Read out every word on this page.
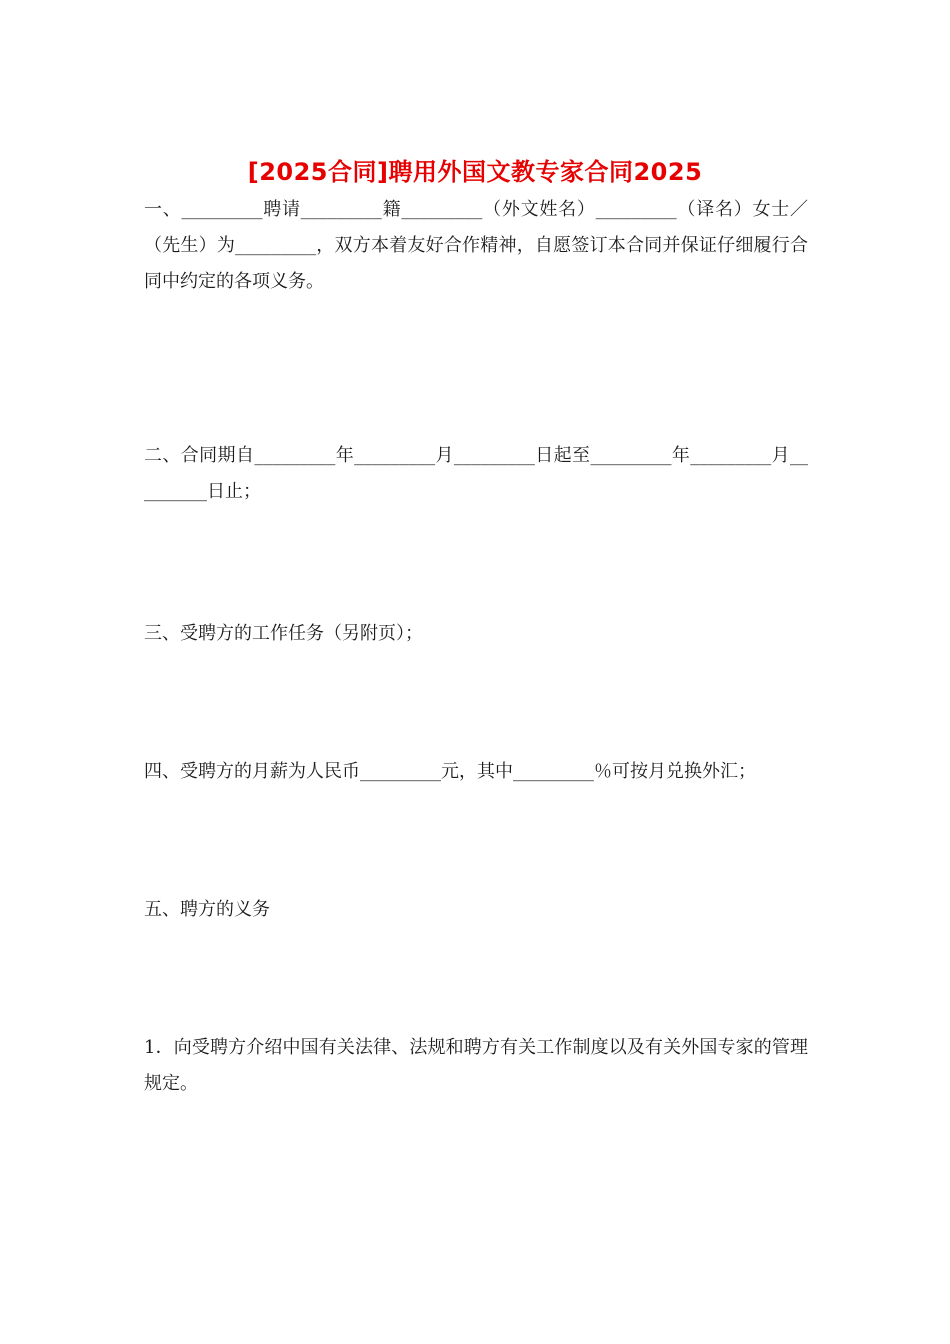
[2025合同]聘用外国文教专家合同2025

一、_________聘请_________籍_________（外文姓名）_________（译名）女士／（先生）为_________，双方本着友好合作精神，自愿签订本合同并保证仔细履行合同中约定的各项义务。

二、合同期自_________年_________月_________日起至_________年_________月_________日止；

三、受聘方的工作任务（另附页）；

四、受聘方的月薪为人民币_________元，其中_________％可按月兑换外汇；

五、聘方的义务

1．向受聘方介绍中国有关法律、法规和聘方有关工作制度以及有关外国专家的管理规定。
